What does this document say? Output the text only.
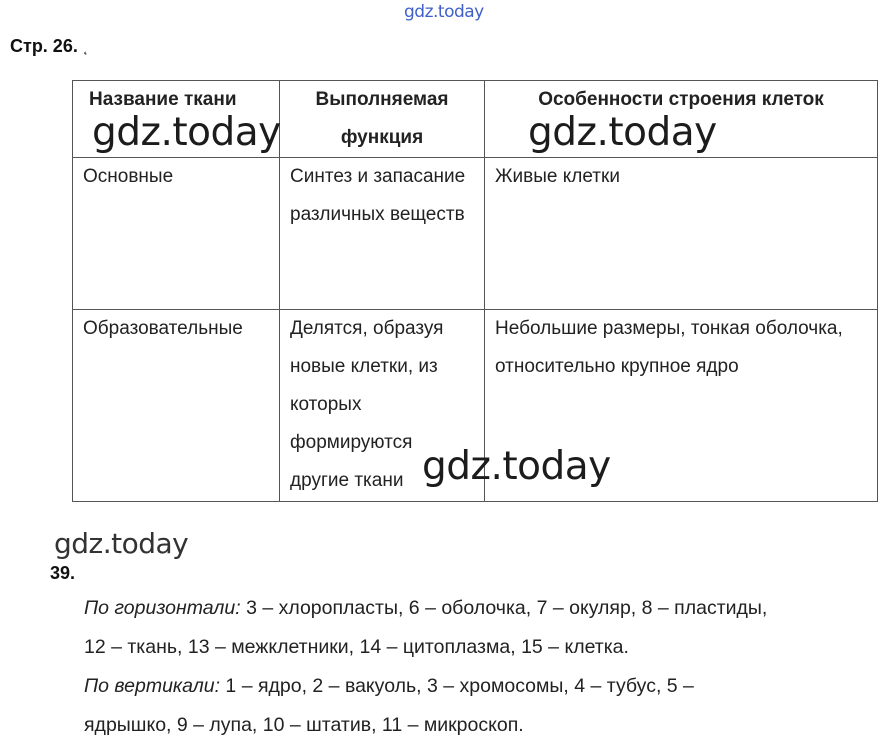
gdz.today
Стр. 26. ˛
Название ткани	Выполняемая функция	Особенности строения клеток
Основные	Синтез и запасание различных веществ	Живые клетки
Образовательные	Делятся, образуя новые клетки, из которых формируются другие ткани	Небольшие размеры, тонкая оболочка, относительно крупное ядро
gdz.today	gdz.today
gdz.today
gdz.today
39.
По горизонтали: 3 – хлоропласты, 6 – оболочка, 7 – окуляр, 8 – пластиды,
12 – ткань, 13 – межклетники, 14 – цитоплазма, 15 – клетка.
По вертикали: 1 – ядро, 2 – вакуоль, 3 – хромосомы, 4 – тубус, 5 –
ядрышко, 9 – лупа, 10 – штатив, 11 – микроскоп.
